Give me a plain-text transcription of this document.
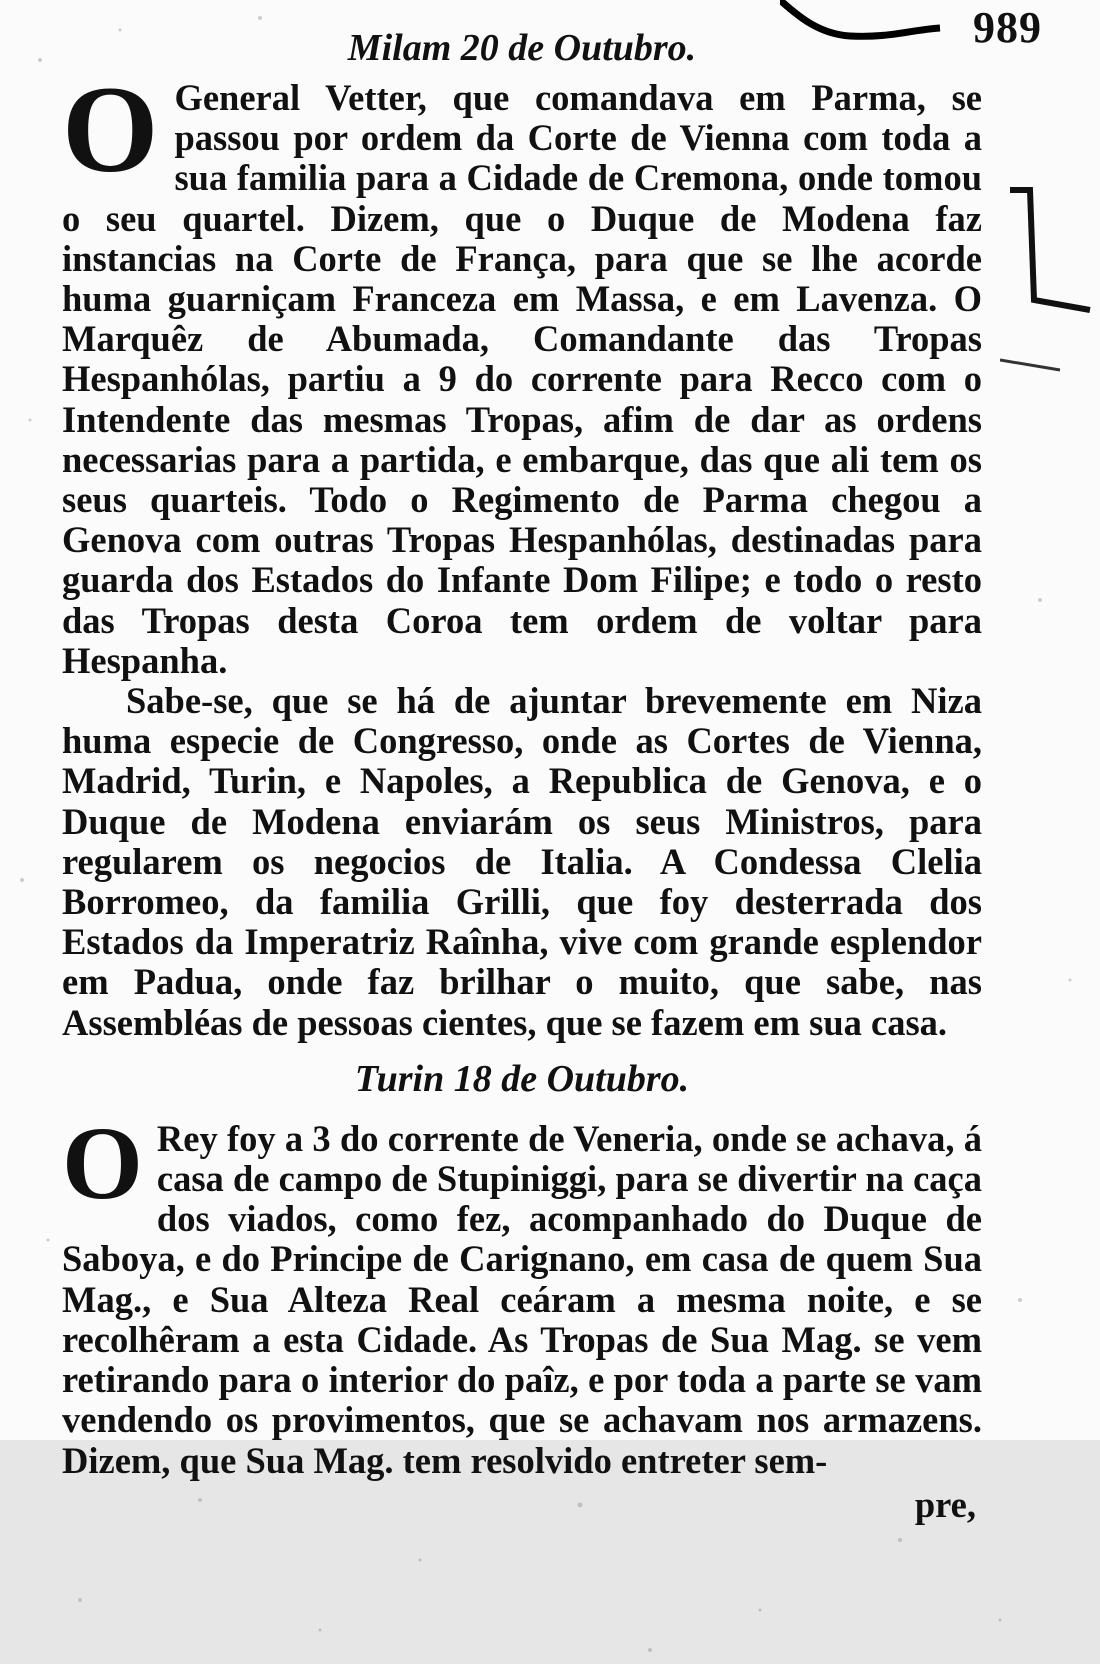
989
Milam 20 de Outubro.

O General Vetter, que comandava em Parma, se passou por ordem da Corte de Vienna com toda a sua familia para a Cidade de Cremona, onde tomou o seu quartel. Dizem, que o Duque de Modena faz instancias na Corte de França, para que se lhe acorde huma guarniçam Franceza em Massa, e em Lavenza. O Marquêz de Abumada, Comandante das Tropas Hespanhólas, partiu a 9 do corrente para Recco com o Intendente das mesmas Tropas, afim de dar as ordens necessarias para a partida, e embarque, das que ali tem os seus quarteis. Todo o Regimento de Parma chegou a Genova com outras Tropas Hespanhólas, destinadas para guarda dos Estados do Infante Dom Filipe; e todo o resto das Tropas desta Coroa tem ordem de voltar para Hespanha.

Sabe-se, que se há de ajuntar brevemente em Niza huma especie de Congresso, onde as Cortes de Vienna, Madrid, Turin, e Napoles, a Republica de Genova, e o Duque de Modena enviarám os seus Ministros, para regularem os negocios de Italia. A Condessa Clelia Borromeo, da familia Grilli, que foy desterrada dos Estados da Imperatriz Raînha, vive com grande esplendor em Padua, onde faz brilhar o muito, que sabe, nas Assembléas de pessoas cientes, que se fazem em sua casa.

Turin 18 de Outubro.

O Rey foy a 3 do corrente de Veneria, onde se achava, á casa de campo de Stupiniggi, para se divertir na caça dos viados, como fez, acompanhado do Duque de Saboya, e do Principe de Carignano, em casa de quem Sua Mag., e Sua Alteza Real ceáram a mesma noite, e se recolhêram a esta Cidade. As Tropas de Sua Mag. se vem retirando para o interior do paîz, e por toda a parte se vam vendendo os provimentos, que se achavam nos armazens. Dizem, que Sua Mag. tem resolvido entreter sem-

pre,
